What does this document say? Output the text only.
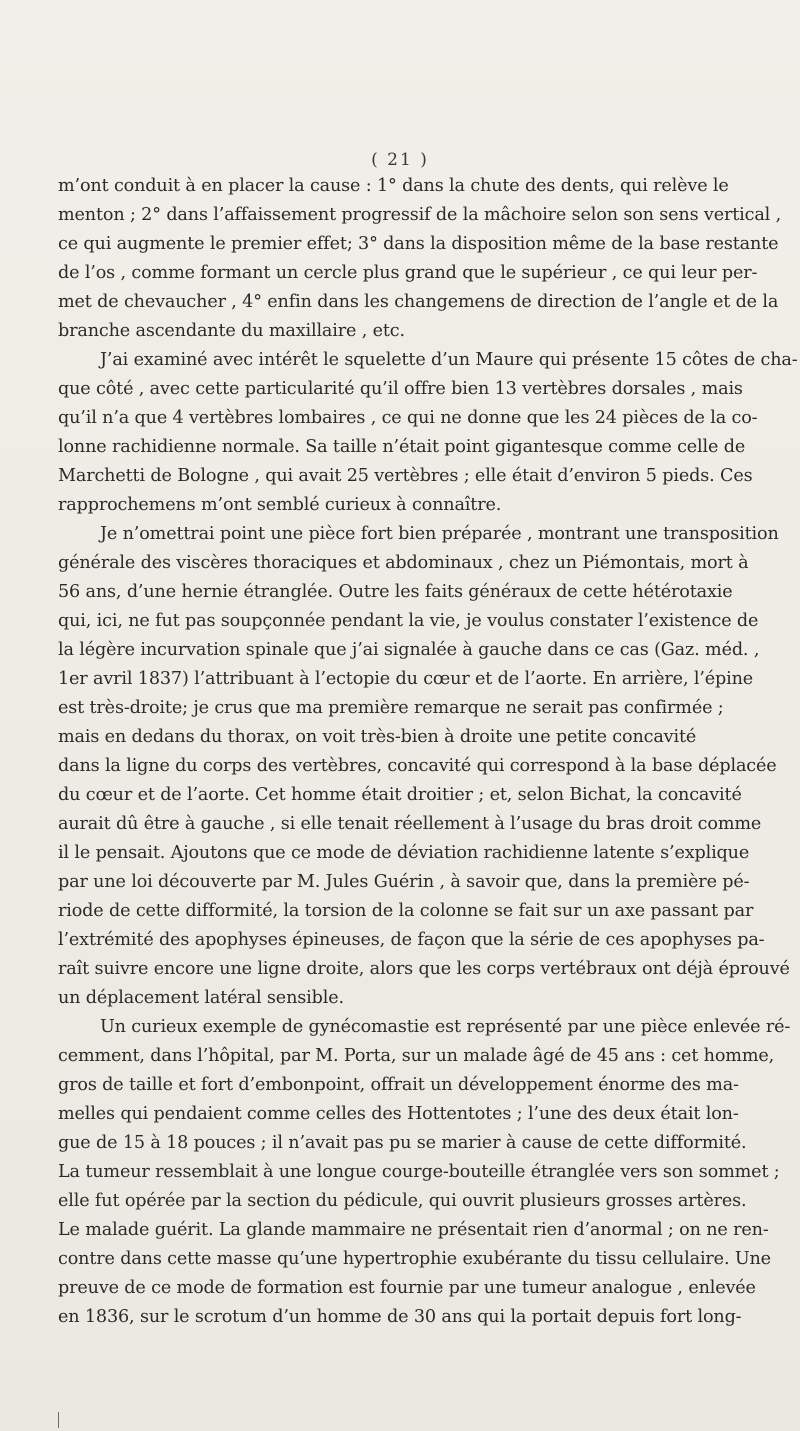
( 21 )
m’ont conduit à en placer la cause : 1° dans la chute des dents, qui relève le
menton ; 2° dans l’affaissement progressif de la mâchoire selon son sens vertical ,
ce qui augmente le premier effet; 3° dans la disposition même de la base restante
de l’os , comme formant un cercle plus grand que le supérieur , ce qui leur per-
met de chevaucher , 4° enfin dans les changemens de direction de l’angle et de la
branche ascendante du maxillaire , etc.
J’ai examiné avec intérêt le squelette d’un Maure qui présente 15 côtes de cha-
que côté , avec cette particularité qu’il offre bien 13 vertèbres dorsales , mais
qu’il n’a que 4 vertèbres lombaires , ce qui ne donne que les 24 pièces de la co-
lonne rachidienne normale. Sa taille n’était point gigantesque comme celle de
Marchetti de Bologne , qui avait 25 vertèbres ; elle était d’environ 5 pieds. Ces
rapprochemens m’ont semblé curieux à connaître.
Je n’omettrai point une pièce fort bien préparée , montrant une transposition
générale des viscères thoraciques et abdominaux , chez un Piémontais, mort à
56 ans, d’une hernie étranglée. Outre les faits généraux de cette hétérotaxie
qui, ici, ne fut pas soupçonnée pendant la vie, je voulus constater l’existence de
la légère incurvation spinale que j’ai signalée à gauche dans ce cas (Gaz. méd. ,
1er avril 1837) l’attribuant à l’ectopie du cœur et de l’aorte. En arrière, l’épine
est très-droite; je crus que ma première remarque ne serait pas confirmée ;
mais en dedans du thorax, on voit très-bien à droite une petite concavité
dans la ligne du corps des vertèbres, concavité qui correspond à la base déplacée
du cœur et de l’aorte. Cet homme était droitier ; et, selon Bichat, la concavité
aurait dû être à gauche , si elle tenait réellement à l’usage du bras droit comme
il le pensait. Ajoutons que ce mode de déviation rachidienne latente s’explique
par une loi découverte par M. Jules Guérin , à savoir que, dans la première pé-
riode de cette difformité, la torsion de la colonne se fait sur un axe passant par
l’extrémité des apophyses épineuses, de façon que la série de ces apophyses pa-
raît suivre encore une ligne droite, alors que les corps vertébraux ont déjà éprouvé
un déplacement latéral sensible.
Un curieux exemple de gynécomastie est représenté par une pièce enlevée ré-
cemment, dans l’hôpital, par M. Porta, sur un malade âgé de 45 ans : cet homme,
gros de taille et fort d’embonpoint, offrait un développement énorme des ma-
melles qui pendaient comme celles des Hottentotes ; l’une des deux était lon-
gue de 15 à 18 pouces ; il n’avait pas pu se marier à cause de cette difformité.
La tumeur ressemblait à une longue courge-bouteille étranglée vers son sommet ;
elle fut opérée par la section du pédicule, qui ouvrit plusieurs grosses artères.
Le malade guérit. La glande mammaire ne présentait rien d’anormal ; on ne ren-
contre dans cette masse qu’une hypertrophie exubérante du tissu cellulaire. Une
preuve de ce mode de formation est fournie par une tumeur analogue , enlevée
en 1836, sur le scrotum d’un homme de 30 ans qui la portait depuis fort long-
